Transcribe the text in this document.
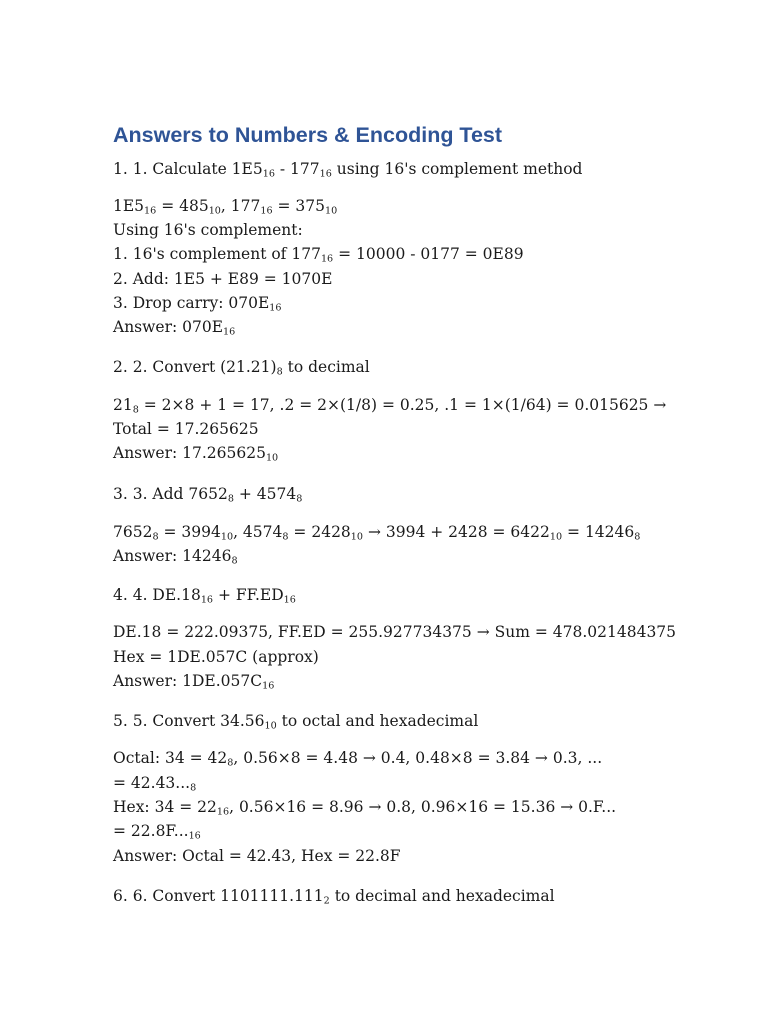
Answers to Numbers & Encoding Test
1. 1. Calculate $1E5_{16} - 177_{16}$ using 16's complement method
$1E5_{16} = 485_{10}$, $177_{16} = 375_{10}$
Using 16's complement:
1. 16's complement of $177_{16} = 10000 - 0177 = 0E89$
2. Add: 1E5 + E89 = 1070E
3. Drop carry: $070E_{16}$
Answer: $070E_{16}$
2. 2. Convert $(21.21)_8$ to decimal
$21_8 = 2\times 8 + 1 = 17$, .2 = 2×(1/8) = 0.25, .1 = 1×(1/64) = 0.015625 →
Total = 17.265625
Answer: $17.265625_{10}$
3. 3. Add $7652_8 + 4574_8$
$7652_8 = 3994_{10}$, $4574_8 = 2428_{10} \to 3994 + 2428 = 6422_{10} = 14246_8$
Answer: $14246_8$
4. 4. $DE.18_{16} + FF.ED_{16}$
DE.18 = 222.09375, FF.ED = 255.927734375 → Sum = 478.021484375
Hex = 1DE.057C (approx)
Answer: $1DE.057C_{16}$
5. 5. Convert $34.56_{10}$ to octal and hexadecimal
Octal: $34 = 42_8$, 0.56×8 = 4.48 → 0.4, 0.48×8 = 3.84 → 0.3, ...
= $42.43..._8$
Hex: $34 = 22_{16}$, 0.56×16 = 8.96 → 0.8, 0.96×16 = 15.36 → 0.F...
= $22.8F..._{16}$
Answer: Octal = 42.43, Hex = 22.8F
6. 6. Convert $1101111.111_2$ to decimal and hexadecimal
